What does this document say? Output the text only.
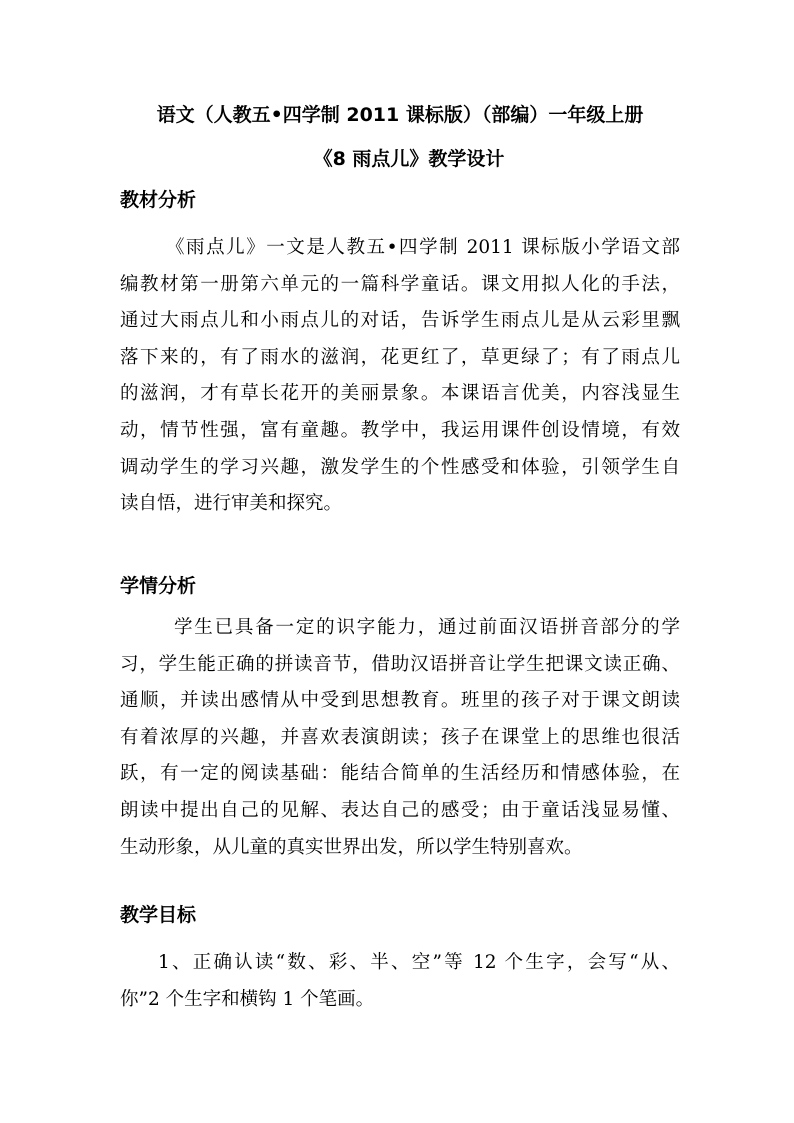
语文（人教五•四学制 2011 课标版）（部编）一年级上册
《8 雨点儿》教学设计
教材分析
《雨点儿》一文是人教五•四学制 2011 课标版小学语文部
编教材第一册第六单元的一篇科学童话。课文用拟人化的手法，
通过大雨点儿和小雨点儿的对话，告诉学生雨点儿是从云彩里飘
落下来的，有了雨水的滋润，花更红了，草更绿了；有了雨点儿
的滋润，才有草长花开的美丽景象。本课语言优美，内容浅显生
动，情节性强，富有童趣。教学中，我运用课件创设情境，有效
调动学生的学习兴趣，激发学生的个性感受和体验，引领学生自
读自悟，进行审美和探究。
学情分析
学生已具备一定的识字能力，通过前面汉语拼音部分的学
习，学生能正确的拼读音节，借助汉语拼音让学生把课文读正确、
通顺，并读出感情从中受到思想教育。班里的孩子对于课文朗读
有着浓厚的兴趣，并喜欢表演朗读；孩子在课堂上的思维也很活
跃，有一定的阅读基础：能结合简单的生活经历和情感体验，在
朗读中提出自己的见解、表达自己的感受；由于童话浅显易懂、
生动形象，从儿童的真实世界出发，所以学生特别喜欢。
教学目标
1、正确认读“数、彩、半、空”等 12 个生字，会写“从、
你”2 个生字和横钩 1 个笔画。
